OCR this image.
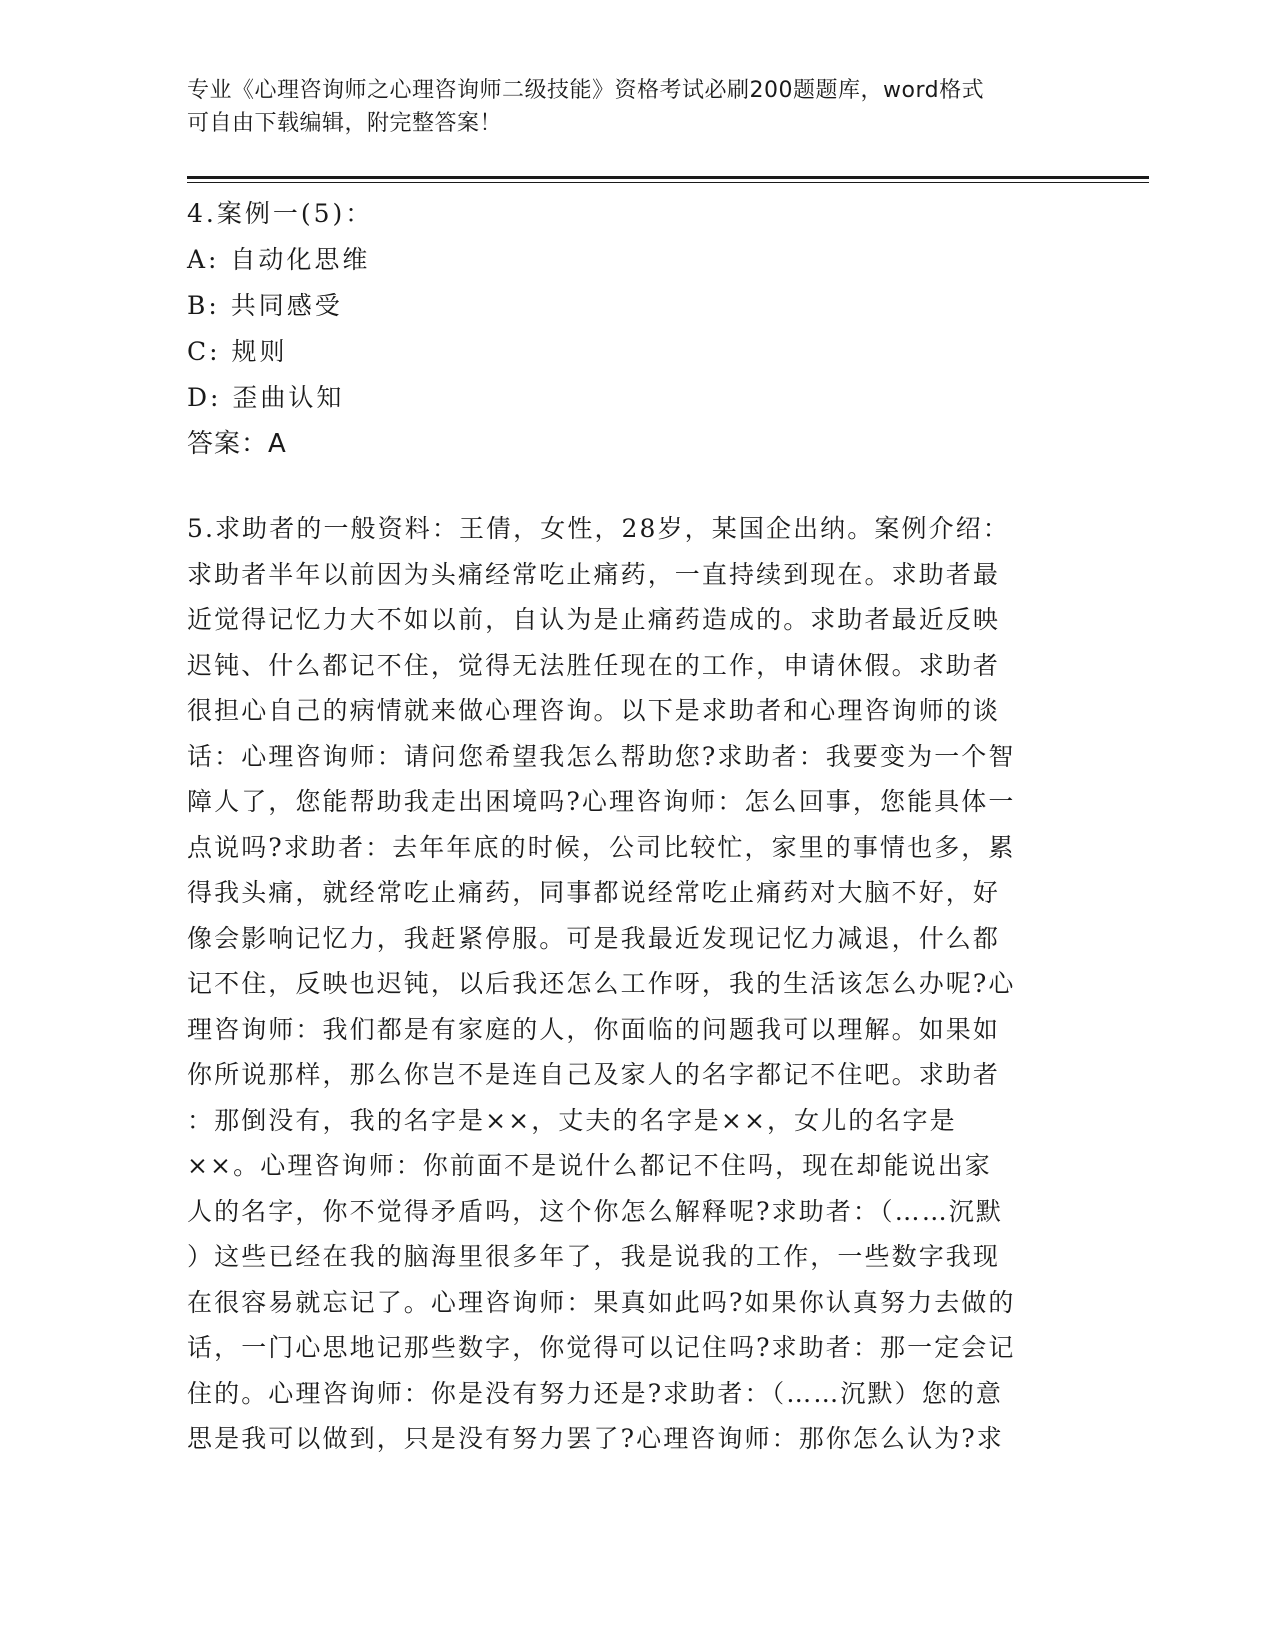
专业《心理咨询师之心理咨询师二级技能》资格考试必刷200题题库，word格式
可自由下载编辑，附完整答案！
4.案例一(5)：
A: 自动化思维
B: 共同感受
C: 规则
D: 歪曲认知
答案：A
5.求助者的一般资料：王倩，女性，28岁，某国企出纳。案例介绍：
求助者半年以前因为头痛经常吃止痛药，一直持续到现在。求助者最
近觉得记忆力大不如以前，自认为是止痛药造成的。求助者最近反映
迟钝、什么都记不住，觉得无法胜任现在的工作，申请休假。求助者
很担心自己的病情就来做心理咨询。以下是求助者和心理咨询师的谈
话：心理咨询师：请问您希望我怎么帮助您?求助者：我要变为一个智
障人了，您能帮助我走出困境吗?心理咨询师：怎么回事，您能具体一
点说吗?求助者：去年年底的时候，公司比较忙，家里的事情也多，累
得我头痛，就经常吃止痛药，同事都说经常吃止痛药对大脑不好，好
像会影响记忆力，我赶紧停服。可是我最近发现记忆力减退，什么都
记不住，反映也迟钝，以后我还怎么工作呀，我的生活该怎么办呢?心
理咨询师：我们都是有家庭的人，你面临的问题我可以理解。如果如
你所说那样，那么你岂不是连自己及家人的名字都记不住吧。求助者
：那倒没有，我的名字是××，丈夫的名字是××，女儿的名字是
××。心理咨询师：你前面不是说什么都记不住吗，现在却能说出家
人的名字，你不觉得矛盾吗，这个你怎么解释呢?求助者：（……沉默
）这些已经在我的脑海里很多年了，我是说我的工作，一些数字我现
在很容易就忘记了。心理咨询师：果真如此吗?如果你认真努力去做的
话，一门心思地记那些数字，你觉得可以记住吗?求助者：那一定会记
住的。心理咨询师：你是没有努力还是?求助者：（……沉默）您的意
思是我可以做到，只是没有努力罢了?心理咨询师：那你怎么认为?求
